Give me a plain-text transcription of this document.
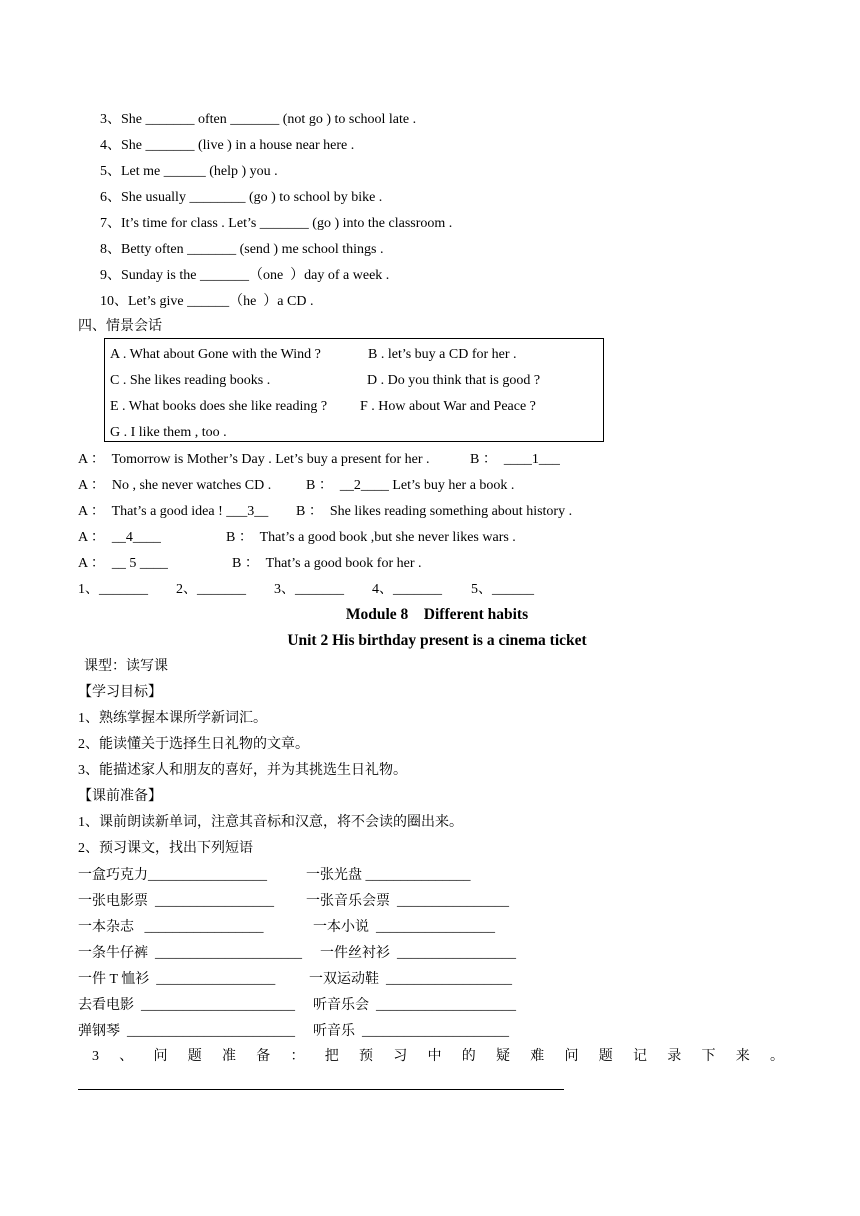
3、She _______ often _______ (not go ) to school late .
4、She _______ (live ) in a house near here .
5、Let me ______ (help ) you .
6、She usually ________ (go ) to school by bike .
7、It’s time for class . Let’s _______ (go ) into the classroom .
8、Betty often _______ (send ) me school things .
9、Sunday is the _______（one  ）day of a week .
10、Let’s give ______（he  ）a CD .
四、情景会话
A . What about Gone with the Wind ?	B . let’s buy a CD for her .
C . She likes reading books .	D . Do you think that is good ?
E . What books does she like reading ? F . How about War and Peace ?
G . I like them , too .
A ：  Tomorrow is Mother’s Day . Let’s buy a present for her .	B ：  ____1___
A ：  No , she never watches CD . B ：  __2____ Let’s buy her a book .
A ：  That’s a good idea ! ___3__ B ：  She likes reading something about history .
A ：  __4____	B ：  That’s a good book ,but she never likes wars .
A ：  __ 5 ____	B ：  That’s a good book for her .
1、_______ 2、_______ 3、_______ 4、_______ 5、______
Module 8    Different habits
Unit 2 His birthday present is a cinema ticket
课型：读写课
【学习目标】
1、熟练掌握本课所学新词汇。
2、能读懂关于选择生日礼物的文章。
3、能描述家人和朋友的喜好，并为其挑选生日礼物。
【课前准备】
1、课前朗读新单词，注意其音标和汉意，将不会读的圈出来。
2、预习课文，找出下列短语
一盒巧克力_________________	一张光盘 _______________
一张电影票  _________________ 一张音乐会票  ________________
一本杂志   _________________	一本小说  _________________
一条牛仔裤  _____________________ 一件丝衬衫  _________________
一件 T 恤衫  _________________ 一双运动鞋  __________________
去看电影  ______________________ 听音乐会  ____________________
弹钢琴  ________________________ 听音乐  _____________________
3 、 问 题 准 备 ： 把 预 习 中 的 疑 难 问 题 记 录 下 来 。
